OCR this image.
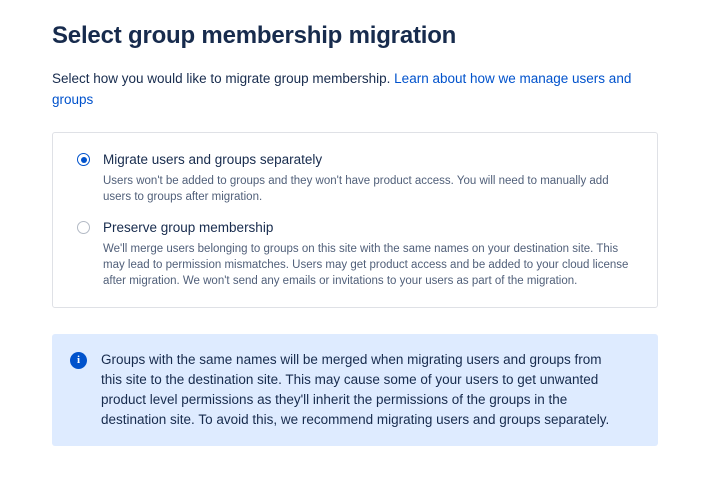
Select group membership migration

Select how you would like to migrate group membership. Learn about how we manage users and groups

Migrate users and groups separately
Users won't be added to groups and they won't have product access. You will need to manually add users to groups after migration.
Preserve group membership
We'll merge users belonging to groups on this site with the same names on your destination site. This may lead to permission mismatches. Users may get product access and be added to your cloud license after migration. We won't send any emails or invitations to your users as part of the migration.
i	Groups with the same names will be merged when migrating users and groups from this site to the destination site. This may cause some of your users to get unwanted product level permissions as they'll inherit the permissions of the groups in the destination site. To avoid this, we recommend migrating users and groups separately.
